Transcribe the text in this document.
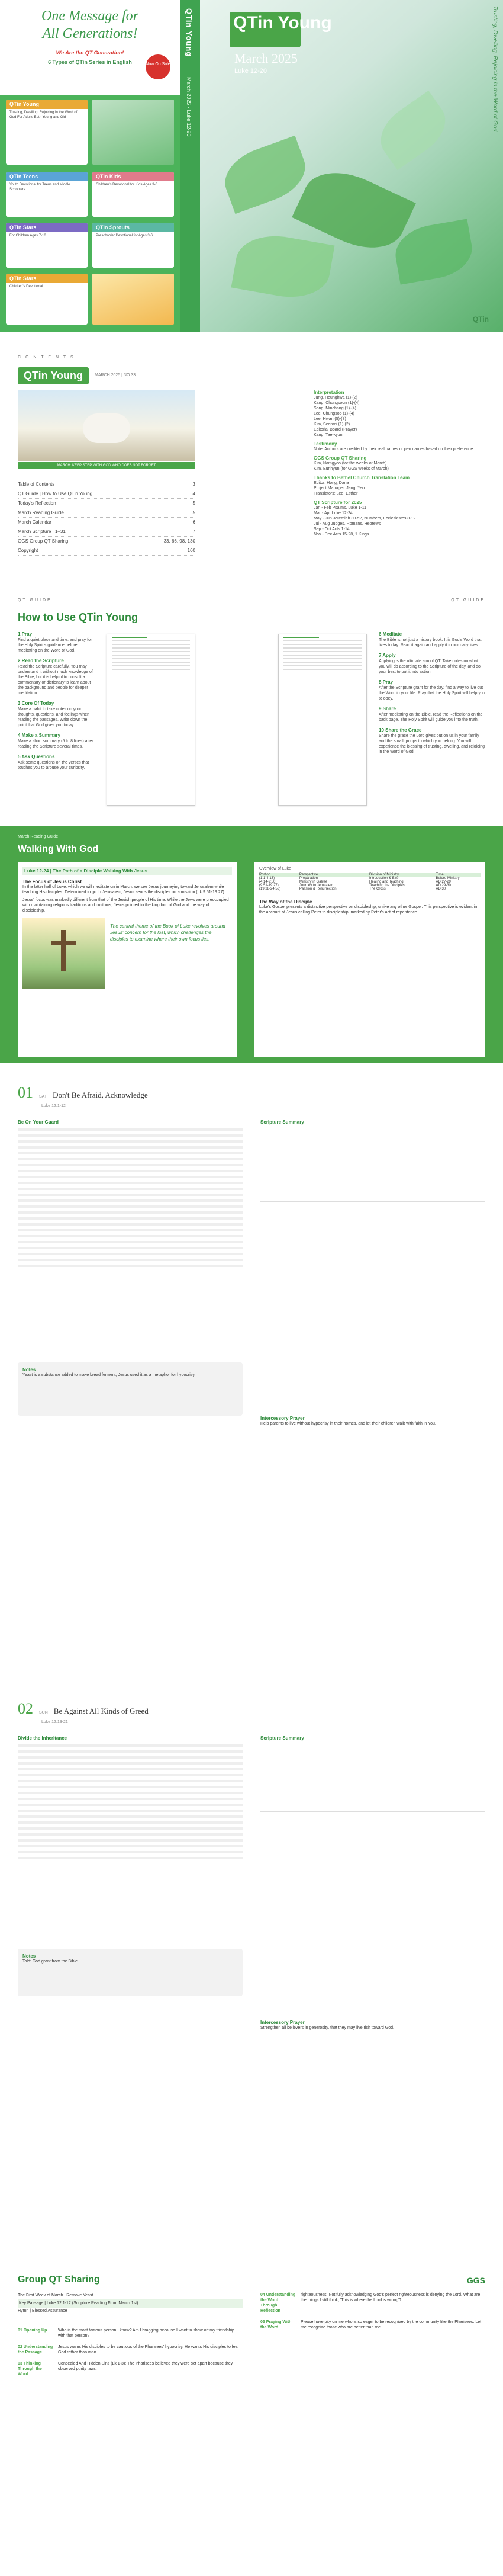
One Message for
All Generations!
We Are the QT Generation!
6 Types of QTin Series in English	Now On Sale
QTin Young
Trusting, Dwelling, Rejoicing in the Word of God For Adults Both Young and Old
QTin Teens
Youth Devotional for Teens and Middle Schoolers
QTin Kids
Children's Devotional for Kids Ages 3-6
QTin Stars
For Children Ages 7-10
QTin Sprouts
Preschooler Devotional for Ages 3-6
QTin Stars
Children's Devotional
QTin Young
March 2025 · Luke 12-20
QTin Young
March 2025
Luke 12-20	Trusting, Dwelling, Rejoicing in the Word of God
QTin
C O N T E N T S
QTin Young	MARCH 2025 | NO.33
MARCH: KEEP STEP WITH GOD WHO DOES NOT FORGET
Table of Contents	3
QT Guide | How to Use QTin Young	4
Today's Reflection	5
March Reading Guide	5
March Calendar	6
March Scripture | 1–31	7
GGS Group QT Sharing	33, 66, 98, 130
Copyright	160
Interpretation
Jung, Heunghwa (1)-(2)
Kang, Chungsoon (1)-(4)
Song, Minchang (1)-(4)
Lee, Chungsoo (1)-(4)
Lee, Hwan (5)-(8)
Kim, Seonmi (1)-(2)
Editorial Board (Prayer)
Kang, Tae-kyun
Testimony
Note: Authors are credited by their real names or pen names based on their preference
GGS Group QT Sharing
Kim, Namgyoo (for the weeks of March)
Kim, Eunhyun (for GGS weeks of March)
Thanks to Bethel Church Translation Team
Editor: Hong, Dana
Project Manager: Jang, Yeo
Translators: Lee, Esther
QT Scripture for 2025
Jan - Feb Psalms, Luke 1-11
Mar - Apr Luke 12-24
May - Jun Jeremiah 30-52, Numbers, Ecclesiastes 8-12
Jul - Aug Judges, Romans, Hebrews
Sep - Oct Acts 1-14
Nov - Dec Acts 15-28, 1 Kings
QT GUIDE	QT GUIDE
How to Use QTin Young
1 Pray
Find a quiet place and time, and pray for the Holy Spirit's guidance before meditating on the Word of God.
2 Read the Scripture
Read the Scripture carefully. You may understand it without much knowledge of the Bible, but it is helpful to consult a commentary or dictionary to learn about the background and people for deeper meditation.
3 Core Of Today
Make a habit to take notes on your thoughts, questions, and feelings when reading the passages. Write down the point that God gives you today.
4 Make a Summary
Make a short summary (5 to 8 lines) after reading the Scripture several times.
5 Ask Questions
Ask some questions on the verses that touches you to arouse your curiosity.
6 Meditate
The Bible is not just a history book. It is God's Word that lives today. Read it again and apply it to our daily lives.
7 Apply
Applying is the ultimate aim of QT. Take notes on what you will do according to the Scripture of the day, and do your best to put it into action.
8 Pray
After the Scripture grant for the day, find a way to live out the Word in your life. Pray that the Holy Spirit will help you to obey.
9 Share
After meditating on the Bible, read the Reflections on the back page. The Holy Spirit will guide you into the truth.
10 Share the Grace
Share the grace the Lord gives out on us in your family and the small groups to which you belong. You will experience the blessing of trusting, dwelling, and rejoicing in the Word of God.
March Reading Guide
Walking With God
Luke 12-24 | The Path of a Disciple Walking With Jesus
The Focus of Jesus Christ

In the latter half of Luke, which we will meditate on in March, we see Jesus journeying toward Jerusalem while teaching His disciples. Determined to go to Jerusalem, Jesus sends the disciples on a mission (Lk 9:51-19:27).

Jesus' focus was markedly different from that of the Jewish people of His time. While the Jews were preoccupied with maintaining religious traditions and customs, Jesus pointed to the kingdom of God and the way of discipleship.

The central theme of the Book of Luke revolves around Jesus' concern for the lost, which challenges the disciples to examine where their own focus lies.
Overview of Luke
Portion	Perspective	Division of Ministry	Time
(1:1-4:13)	Preparation	Introduction & Birth	Before Ministry
(4:14-9:50)	Ministry in Galilee	Healing and Teaching	AD 27-29
(9:51-19:27)	Journey to Jerusalem	Teaching the Disciples	AD 29-30
(19:28-24:53)	Passion & Resurrection	The Cross	AD 30
The Way of the Disciple

Luke's Gospel presents a distinctive perspective on discipleship, unlike any other Gospel. This perspective is evident in the account of Jesus calling Peter to discipleship, marked by Peter's act of repentance.

01 SAT Don't Be Afraid, Acknowledge
Luke 12:1-12
Be On Your Guard
Notes
Yeast is a substance added to make bread ferment; Jesus used it as a metaphor for hypocrisy.
Scripture Summary
Intercessory Prayer
Help parents to live without hypocrisy in their homes, and let their children walk with faith in You.
02 SUN Be Against All Kinds of Greed
Luke 12:13-21
Divide the Inheritance
Notes
Told: God grant from the Bible.
Scripture Summary
Intercessory Prayer
Strengthen all believers in generosity, that they may live rich toward God.
Group QT Sharing	GGS
The First Week of March | Remove Yeast
Key Passage | Luke 12:1-12 (Scripture Reading From March 1st)
Hymn | Blessed Assurance
01 Opening Up	Who is the most famous person I know? Am I bragging because I want to show off my friendship with that person?
02 Understanding the Passage
Jesus warns His disciples to be cautious of the Pharisees' hypocrisy. He wants His disciples to fear God rather than man.
03 Thinking Through the Word
Concealed And Hidden Sins (Lk 1-3): The Pharisees believed they were set apart because they observed purity laws.
04 Understanding the Word Through Reflection
righteousness. Not fully acknowledging God's perfect righteousness is denying the Lord. What are the things I still think, 'This is where the Lord is wrong'?
05 Praying With the Word
Please have pity on me who is so eager to be recognized by the community like the Pharisees. Let me recognize those who are better than me.
